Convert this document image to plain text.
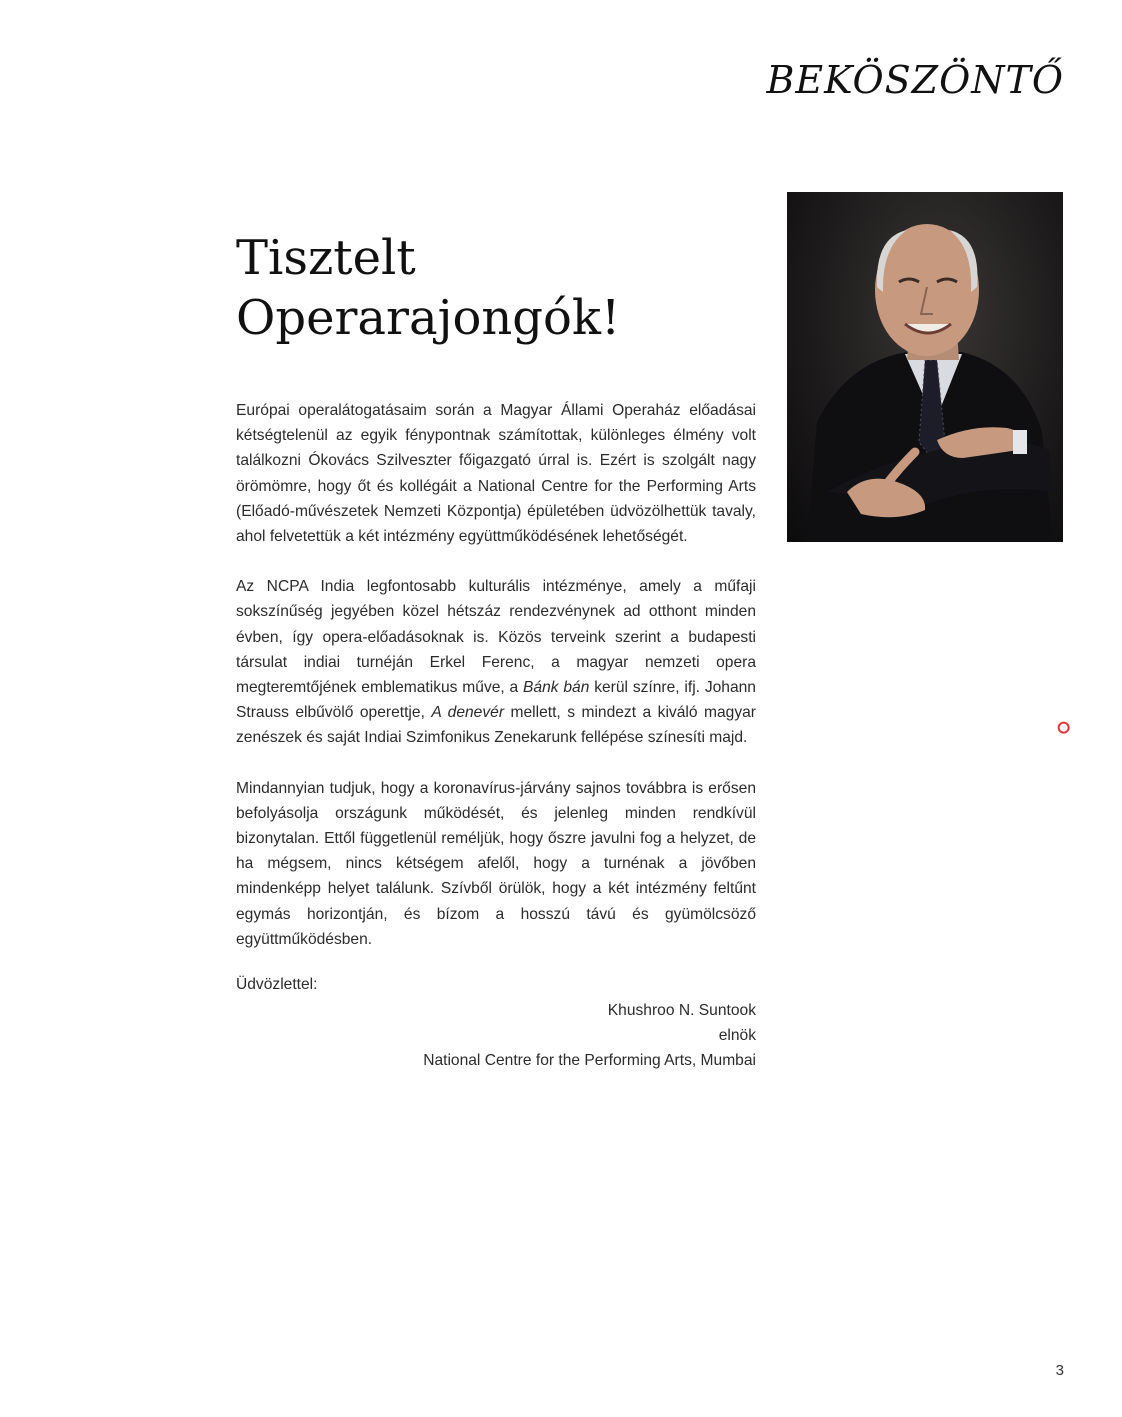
BEKÖSZÖNTŐ
Fotó: NCPA Mumbai
Tisztelt
Operarajongók!

Európai operalátogatásaim során a Magyar Állami Operaház előadásai kétségtelenül az egyik fénypontnak számítottak, különleges élmény volt találkozni Ókovács Szilveszter főigazgató úrral is. Ezért is szolgált nagy örömömre, hogy őt és kollégáit a National Centre for the Performing Arts (Előadó-művészetek Nemzeti Központja) épületében üdvözölhettük tavaly, ahol felvetettük a két intézmény együttműködésének lehetőségét.

Az NCPA India legfontosabb kulturális intézménye, amely a műfaji sokszínűség jegyében közel hétszáz rendezvénynek ad otthont minden évben, így opera-előadásoknak is. Közös terveink szerint a budapesti társulat indiai turnéján Erkel Ferenc, a magyar nemzeti opera megteremtőjének emblematikus műve, a Bánk bán kerül színre, ifj. Johann Strauss elbűvölő operettje, A denevér mellett, s mindezt a kiváló magyar zenészek és saját Indiai Szimfonikus Zenekarunk fellépése színesíti majd.

Mindannyian tudjuk, hogy a koronavírus-járvány sajnos továbbra is erősen befolyásolja országunk működését, és jelenleg minden rendkívül bizonytalan. Ettől függetlenül reméljük, hogy őszre javulni fog a helyzet, de ha mégsem, nincs kétségem afelől, hogy a turnénak a jövőben mindenképp helyet találunk. Szívből örülök, hogy a két intézmény feltűnt egymás horizontján, és bízom a hosszú távú és gyümölcsöző együttműködésben.

Üdvözlettel:
Khushroo N. Suntook
elnök
National Centre for the Performing Arts, Mumbai
3
